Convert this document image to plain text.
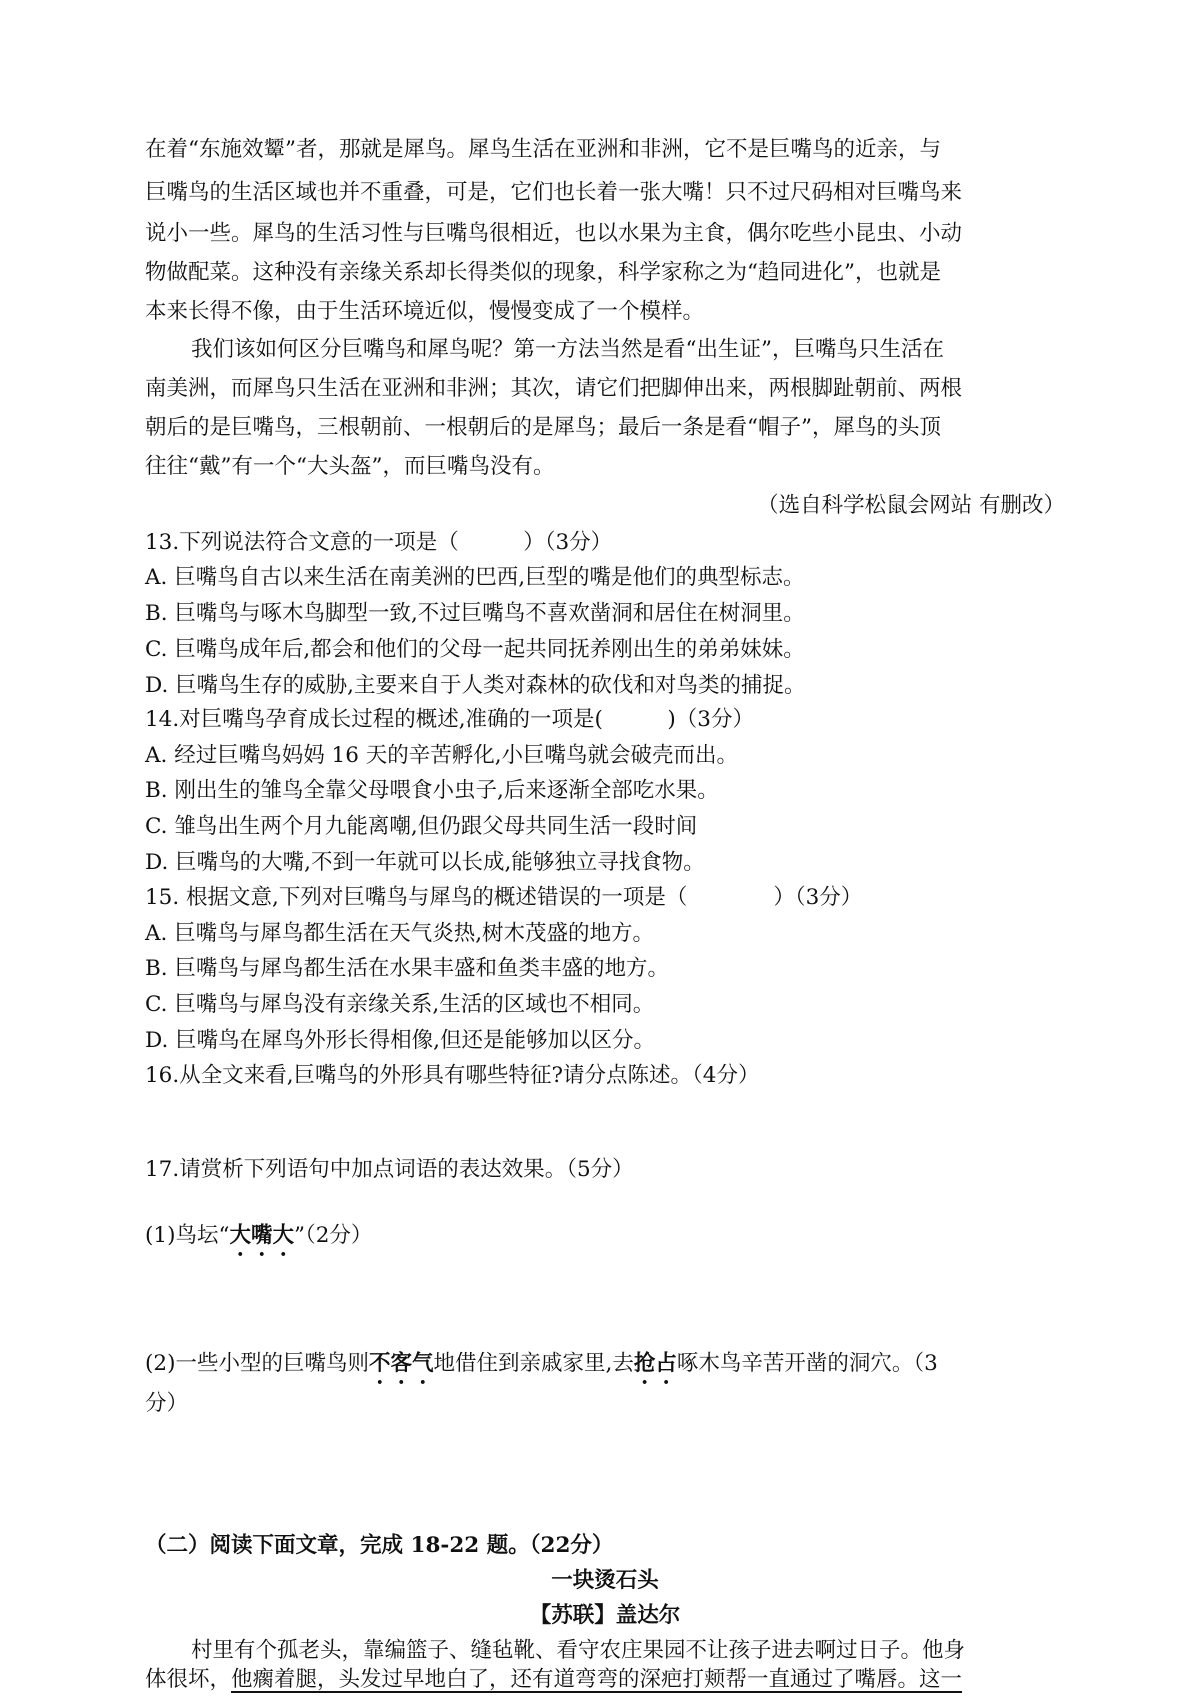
在着“东施效颦”者，那就是犀鸟。犀鸟生活在亚洲和非洲，它不是巨嘴鸟的近亲，与

巨嘴鸟的生活区域也并不重叠，可是，它们也长着一张大嘴！只不过尺码相对巨嘴鸟来

说小一些。犀鸟的生活习性与巨嘴鸟很相近，也以水果为主食，偶尔吃些小昆虫、小动

物做配菜。这种没有亲缘关系却长得类似的现象，科学家称之为“趋同进化”，也就是

本来长得不像，由于生活环境近似，慢慢变成了一个模样。

我们该如何区分巨嘴鸟和犀鸟呢？第一方法当然是看“出生证”，巨嘴鸟只生活在

南美洲，而犀鸟只生活在亚洲和非洲；其次，请它们把脚伸出来，两根脚趾朝前、两根

朝后的是巨嘴鸟，三根朝前、一根朝后的是犀鸟；最后一条是看“帽子”，犀鸟的头顶

往往“戴”有一个“大头盔”，而巨嘴鸟没有。

（选自科学松鼠会网站 有删改）

13.下列说法符合文意的一项是（　　　）（3分）

A. 巨嘴鸟自古以来生活在南美洲的巴西,巨型的嘴是他们的典型标志。

B. 巨嘴鸟与啄木鸟脚型一致,不过巨嘴鸟不喜欢凿洞和居住在树洞里。

C. 巨嘴鸟成年后,都会和他们的父母一起共同抚养刚出生的弟弟妹妹。

D. 巨嘴鸟生存的威胁,主要来自于人类对森林的砍伐和对鸟类的捕捉。

14.对巨嘴鸟孕育成长过程的概述,准确的一项是(　　　)（3分）

A. 经过巨嘴鸟妈妈 16 天的辛苦孵化,小巨嘴鸟就会破壳而出。

B. 刚出生的雏鸟全靠父母喂食小虫子,后来逐渐全部吃水果。

C. 雏鸟出生两个月九能离嘲,但仍跟父母共同生活一段时间

D. 巨嘴鸟的大嘴,不到一年就可以长成,能够独立寻找食物。

15. 根据文意,下列对巨嘴鸟与犀鸟的概述错误的一项是（　　　　）（3分）

A. 巨嘴鸟与犀鸟都生活在天气炎热,树木茂盛的地方。

B. 巨嘴鸟与犀鸟都生活在水果丰盛和鱼类丰盛的地方。

C. 巨嘴鸟与犀鸟没有亲缘关系,生活的区域也不相同。

D. 巨嘴鸟在犀鸟外形长得相像,但还是能够加以区分。

16.从全文来看,巨嘴鸟的外形具有哪些特征?请分点陈述。（4分）

17.请赏析下列语句中加点词语的表达效果。（5分）

(1)鸟坛“大嘴大”（2分）

(2)一些小型的巨嘴鸟则不客气地借住到亲戚家里,去抢占啄木鸟辛苦开凿的洞穴。（3

分）

（二）阅读下面文章，完成 18-22 题。（22分）

一块烫石头

【苏联】盖达尔

村里有个孤老头，靠编篮子、缝毡靴、看守农庄果园不让孩子进去啊过日子。他身

体很坏，他瘸着腿，头发过早地白了，还有道弯弯的深疤打颊帮一直通过了嘴唇。这一
